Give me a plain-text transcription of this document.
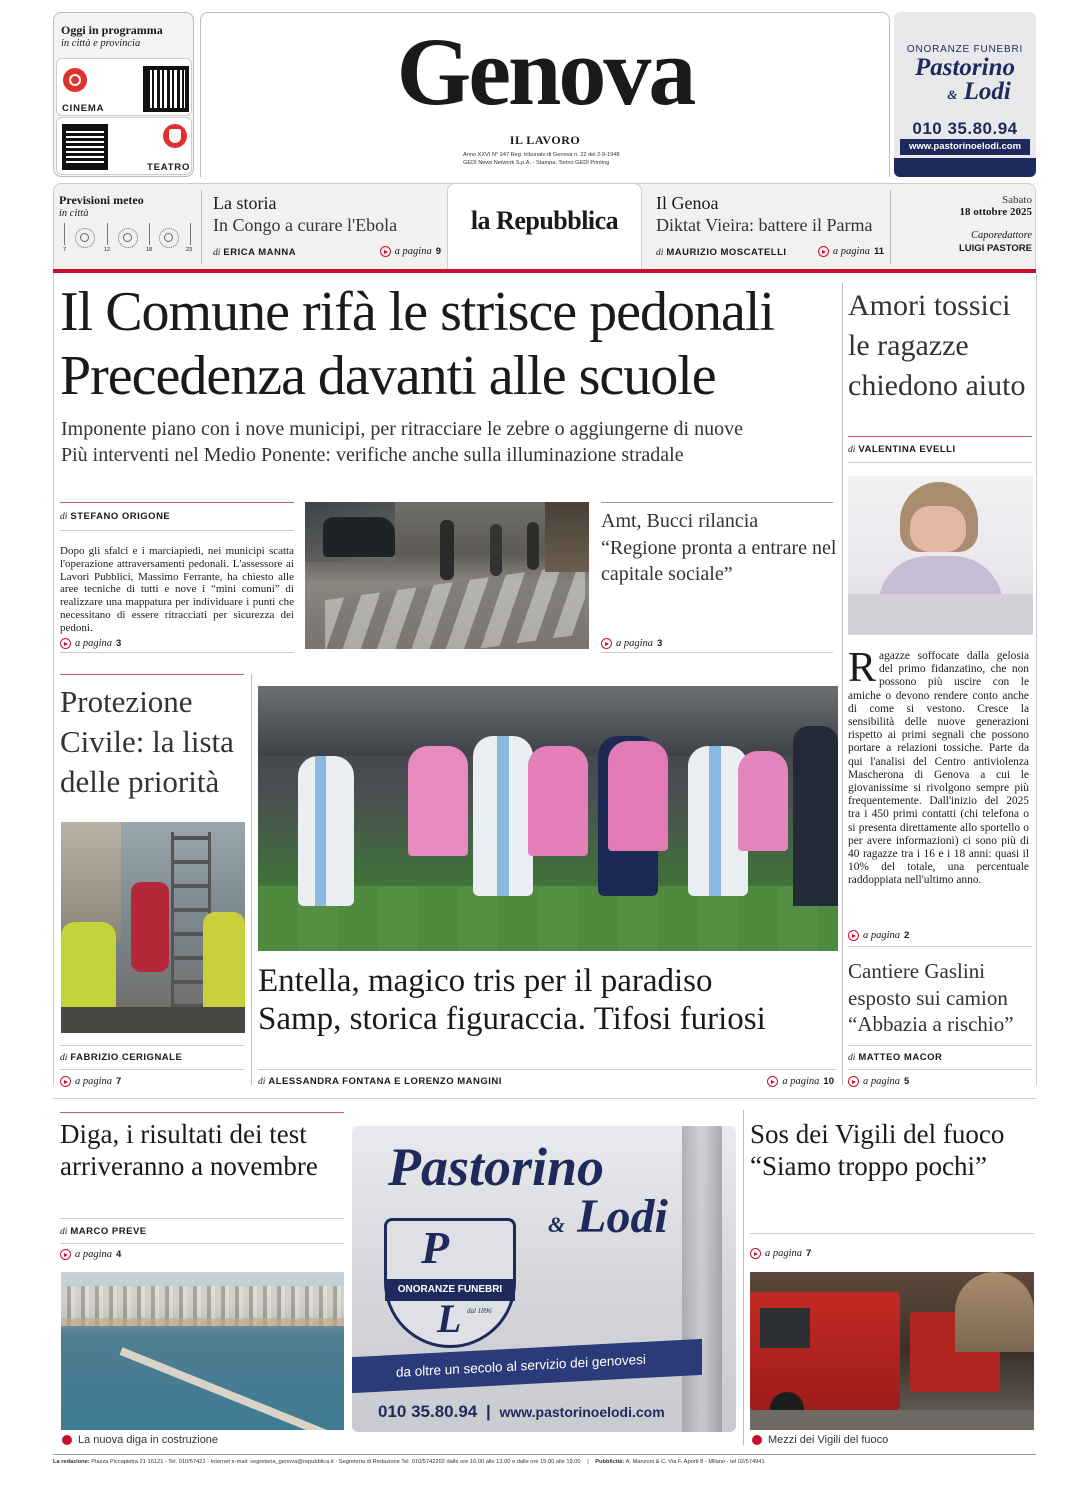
Oggi in programma
in città e provincia
CINEMA
TEATRO
Genova
IL LAVORO
Anno XXVI N° 247 Reg. tribunale di Genova n. 22 del 2-9-1948
GEDI News Network S.p.A. - Stampa: Torino GEDI Printing
ONORANZE FUNEBRI
Pastorino
& Lodi
010 35.80.94
www.pastorinoelodi.com
Previsioni meteo
in città
7	12	18	23
La storia
In Congo a curare l'Ebola
di ERICA MANNA	a pagina 9
la Repubblica
Il Genoa
Diktat Vieira: battere il Parma
di MAURIZIO MOSCATELLI	a pagina 11
Sabato
18 ottobre 2025
Caporedattore
LUIGI PASTORE
Il Comune rifà le strisce pedonali
Precedenza davanti alle scuole
Imponente piano con i nove municipi, per ritracciare le zebre o aggiungerne di nuove
Più interventi nel Medio Ponente: verifiche anche sulla illuminazione stradale
di STEFANO ORIGONE
Dopo gli sfalci e i marciapiedi, nei municipi scatta l'operazione attraversamenti pedonali. L'assessore ai Lavori Pubblici, Massimo Ferrante, ha chiesto alle aree tecniche di tutti e nove i “mini comuni” di realizzare una mappatura per individuare i punti che necessitano di essere ritracciati per sicurezza dei pedoni.
a pagina 3
Amt, Bucci rilancia “Regione pronta a entrare nel capitale sociale”
a pagina 3
Amori tossici le ragazze chiedono aiuto
di VALENTINA EVELLI
R agazze soffocate dalla gelosia del primo fidanzatino, che non possono più uscire con le amiche o devono rendere conto anche di come si vestono. Cresce la sensibilità delle nuove generazioni rispetto ai primi segnali che possono portare a relazioni tossiche. Parte da qui l'analisi del Centro antiviolenza Mascherona di Genova a cui le giovanissime si rivolgono sempre più frequentemente. Dall'inizio del 2025 tra i 450 primi contatti (chi telefona o si presenta direttamente allo sportello o per avere informazioni) ci sono più di 40 ragazze tra i 16 e i 18 anni: quasi il 10% del totale, una percentuale raddoppiata nell'ultimo anno.
a pagina 2
Protezione Civile: la lista delle priorità
di FABRIZIO CERIGNALE
a pagina 7
Entella, magico tris per il paradiso
Samp, storica figuraccia. Tifosi furiosi
di ALESSANDRA FONTANA E LORENZO MANGINI	a pagina 10
Cantiere Gaslini esposto sui camion “Abbazia a rischio”
di MATTEO MACOR
a pagina 5
Diga, i risultati dei test arriveranno a novembre
di MARCO PREVE
a pagina 4
La nuova diga in costruzione
Pastorino
& Lodi
P
ONORANZE FUNEBRI
L dal 1896
da oltre un secolo al servizio dei genovesi
010 35.80.94 | www.pastorinoelodi.com
Sos dei Vigili del fuoco “Siamo troppo pochi”
a pagina 7
Mezzi dei Vigili del fuoco
La redazione: Piazza Piccapietra 21 16121 - Tel. 010/57421 - Internet e-mail: segreteria_genova@repubblica.it - Segreteria di Redazione Tel. 010/5742202 dalle ore 10.00 alle 13.00 e dalle ore 15.00 alle 19.00 | Pubblicità: A. Manzoni & C. Via F. Aporti 8 - Milano - tel 02/574941
